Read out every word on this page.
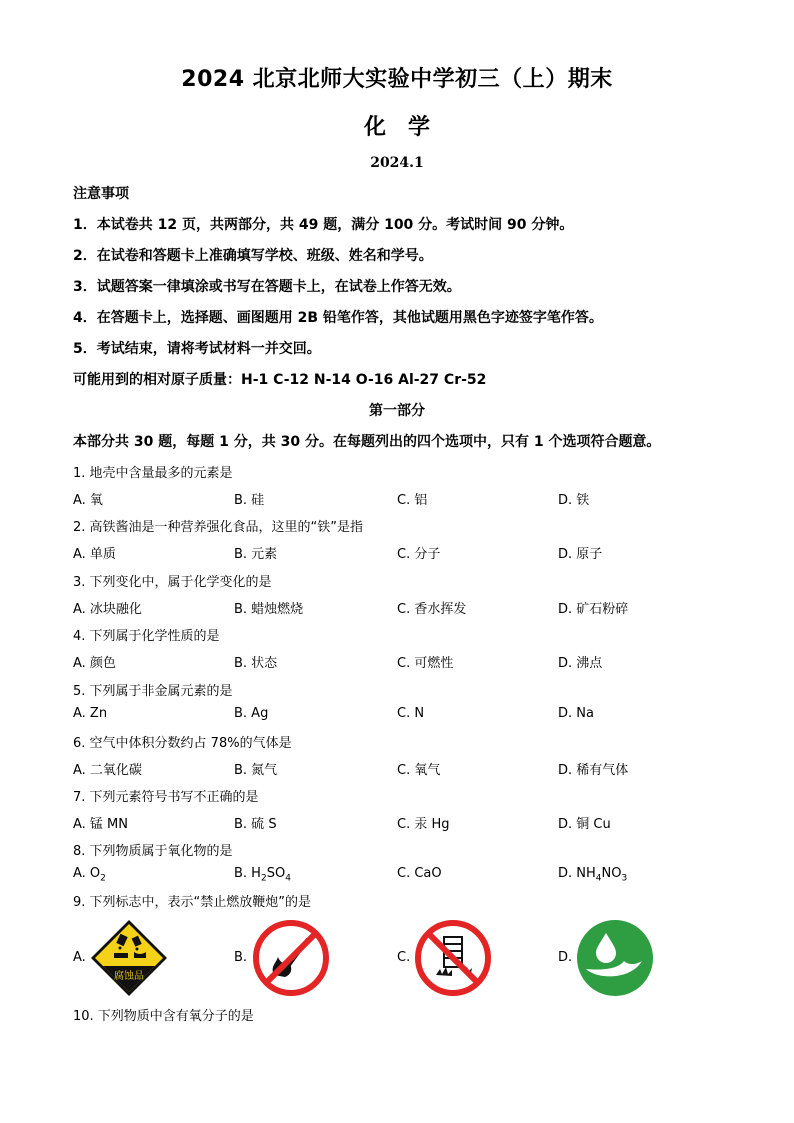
2024 北京北师大实验中学初三（上）期末
化　学
2024.1
注意事项
1．本试卷共 12 页，共两部分，共 49 题，满分 100 分。考试时间 90 分钟。
2．在试卷和答题卡上准确填写学校、班级、姓名和学号。
3．试题答案一律填涂或书写在答题卡上，在试卷上作答无效。
4．在答题卡上，选择题、画图题用 2B 铅笔作答，其他试题用黑色字迹签字笔作答。
5．考试结束，请将考试材料一并交回。
可能用到的相对原子质量：H-1 C-12 N-14 O-16 Al-27 Cr-52
第一部分
本部分共 30 题，每题 1 分，共 30 分。在每题列出的四个选项中，只有 1 个选项符合题意。
1. 地壳中含量最多的元素是
A. 氧	B. 硅	C. 铝	D. 铁
2. 高铁酱油是一种营养强化食品，这里的“铁”是指
A. 单质	B. 元素	C. 分子	D. 原子
3. 下列变化中，属于化学变化的是
A. 冰块融化	B. 蜡烛燃烧	C. 香水挥发	D. 矿石粉碎
4. 下列属于化学性质的是
A. 颜色	B. 状态	C. 可燃性	D. 沸点
5. 下列属于非金属元素的是
A. Zn	B. Ag	C. N	D. Na
6. 空气中体积分数约占 78%的气体是
A. 二氧化碳	B. 氮气	C. 氧气	D. 稀有气体
7. 下列元素符号书写不正确的是
A. 锰 MN	B. 硫 S	C. 汞 Hg	D. 铜 Cu
8. 下列物质属于氧化物的是
A. $O_2$	B. $H_2SO_4$	C. CaO	D. $NH_4NO_3$
9. 下列标志中，表示“禁止燃放鞭炮”的是
A.	B.	C.	D.
腐蚀品
10. 下列物质中含有氧分子的是
